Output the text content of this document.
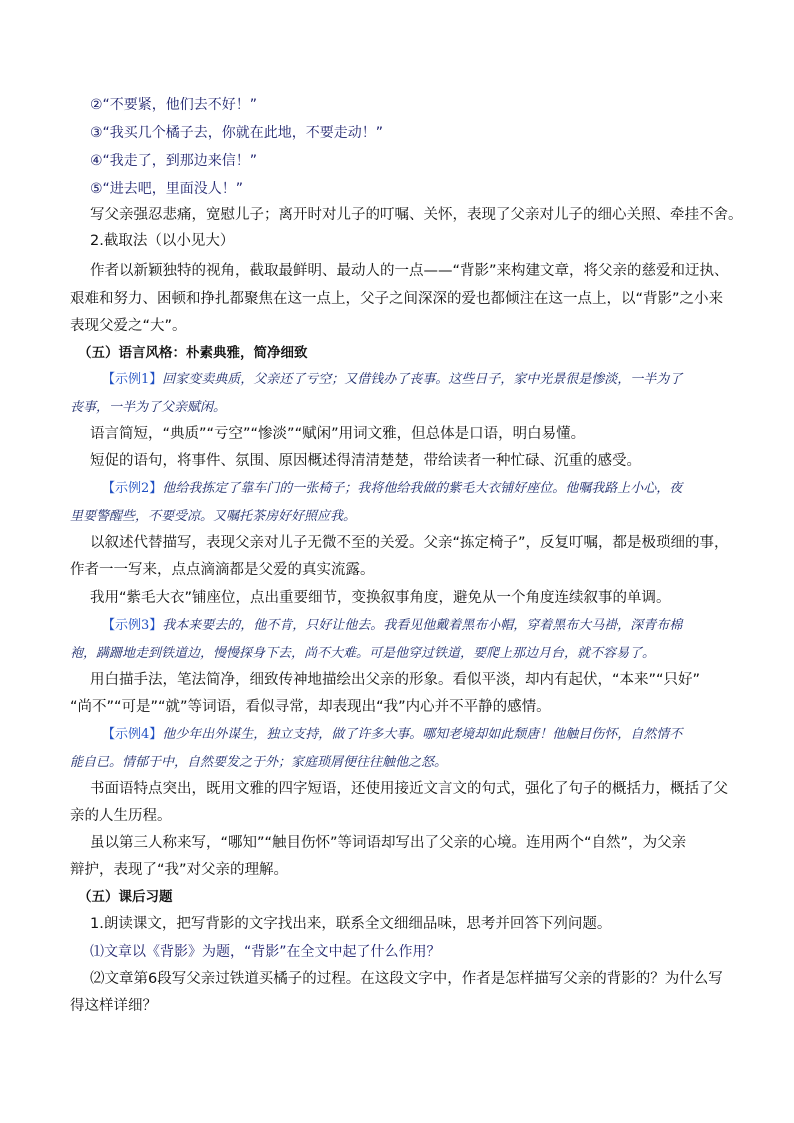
②“不要紧，他们去不好！”
③“我买几个橘子去，你就在此地，不要走动！”
④“我走了，到那边来信！”
⑤“进去吧，里面没人！”
写父亲强忍悲痛，宽慰儿子；离开时对儿子的叮嘱、关怀，表现了父亲对儿子的细心关照、牵挂不舍。
2.截取法（以小见大）
作者以新颖独特的视角，截取最鲜明、最动人的一点——“背影”来构建文章，将父亲的慈爱和迂执、
艰难和努力、困顿和挣扎都聚焦在这一点上，父子之间深深的爱也都倾注在这一点上，以“背影”之小来
表现父爱之“大”。
（五）语言风格：朴素典雅，简净细致
【示例1】回家变卖典质，父亲还了亏空；又借钱办了丧事。这些日子，家中光景很是惨淡，一半为了
丧事，一半为了父亲赋闲。
语言简短，“典质”“亏空”“惨淡”“赋闲”用词文雅，但总体是口语，明白易懂。
短促的语句，将事件、氛围、原因概述得清清楚楚，带给读者一种忙碌、沉重的感受。
【示例2】他给我拣定了靠车门的一张椅子；我将他给我做的紫毛大衣铺好座位。他嘱我路上小心，夜
里要警醒些，不要受凉。又嘱托茶房好好照应我。
以叙述代替描写，表现父亲对儿子无微不至的关爱。父亲“拣定椅子”，反复叮嘱，都是极琐细的事，
作者一一写来，点点滴滴都是父爱的真实流露。
我用“紫毛大衣”铺座位，点出重要细节，变换叙事角度，避免从一个角度连续叙事的单调。
【示例3】我本来要去的，他不肯，只好让他去。我看见他戴着黑布小帽，穿着黑布大马褂，深青布棉
袍，蹒跚地走到铁道边，慢慢探身下去，尚不大难。可是他穿过铁道，要爬上那边月台，就不容易了。
用白描手法，笔法简净，细致传神地描绘出父亲的形象。看似平淡，却内有起伏，“本来”“只好”
“尚不”“可是”“就”等词语，看似寻常，却表现出“我”内心并不平静的感情。
【示例4】他少年出外谋生，独立支持，做了许多大事。哪知老境却如此颓唐！他触目伤怀，自然情不
能自已。情郁于中，自然要发之于外；家庭琐屑便往往触他之怒。
书面语特点突出，既用文雅的四字短语，还使用接近文言文的句式，强化了句子的概括力，概括了父
亲的人生历程。
虽以第三人称来写，“哪知”“触目伤怀”等词语却写出了父亲的心境。连用两个“自然”，为父亲
辩护，表现了“我”对父亲的理解。
（五）课后习题
1.朗读课文，把写背影的文字找出来，联系全文细细品味，思考并回答下列问题。
⑴文章以《背影》为题，“背影”在全文中起了什么作用？
⑵文章第6段写父亲过铁道买橘子的过程。在这段文字中，作者是怎样描写父亲的背影的？为什么写
得这样详细？
